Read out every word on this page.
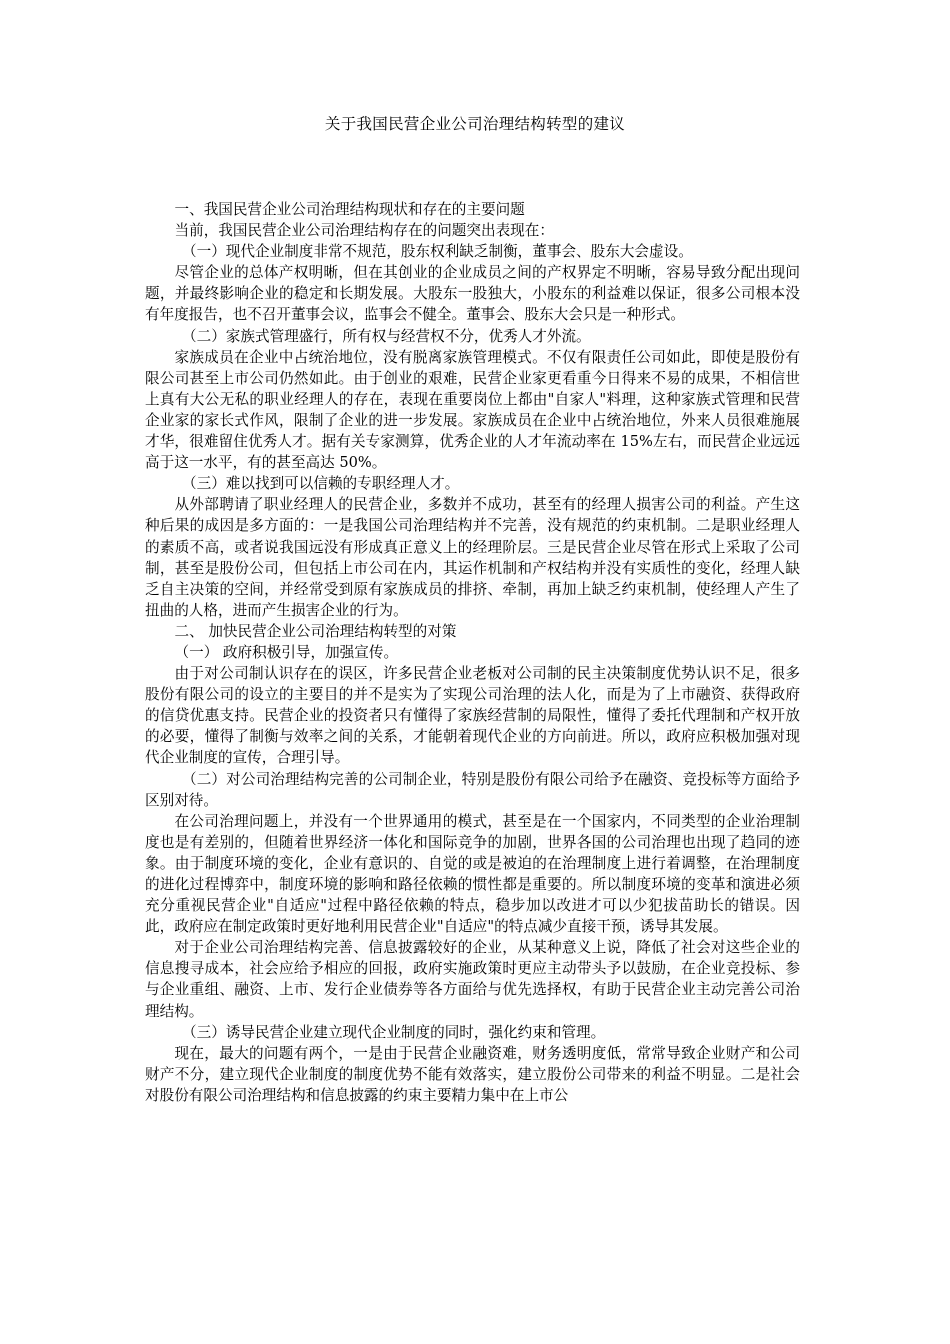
关于我国民营企业公司治理结构转型的建议

一、我国民营企业公司治理结构现状和存在的主要问题

当前，我国民营企业公司治理结构存在的问题突出表现在：

（一）现代企业制度非常不规范，股东权利缺乏制衡，董事会、股东大会虚设。

尽管企业的总体产权明晰，但在其创业的企业成员之间的产权界定不明晰，容易导致分配出现问题，并最终影响企业的稳定和长期发展。大股东一股独大，小股东的利益难以保证，很多公司根本没有年度报告，也不召开董事会议，监事会不健全。董事会、股东大会只是一种形式。

（二）家族式管理盛行，所有权与经营权不分，优秀人才外流。

家族成员在企业中占统治地位，没有脱离家族管理模式。不仅有限责任公司如此，即使是股份有限公司甚至上市公司仍然如此。由于创业的艰难，民营企业家更看重今日得来不易的成果，不相信世上真有大公无私的职业经理人的存在，表现在重要岗位上都由"自家人"料理，这种家族式管理和民营企业家的家长式作风，限制了企业的进一步发展。家族成员在企业中占统治地位，外来人员很难施展才华，很难留住优秀人才。据有关专家测算，优秀企业的人才年流动率在 15%左右，而民营企业远远高于这一水平，有的甚至高达 50%。

（三）难以找到可以信赖的专职经理人才。

从外部聘请了职业经理人的民营企业，多数并不成功，甚至有的经理人损害公司的利益。产生这种后果的成因是多方面的：一是我国公司治理结构并不完善，没有规范的约束机制。二是职业经理人的素质不高，或者说我国远没有形成真正意义上的经理阶层。三是民营企业尽管在形式上采取了公司制，甚至是股份公司，但包括上市公司在内，其运作机制和产权结构并没有实质性的变化，经理人缺乏自主决策的空间，并经常受到原有家族成员的排挤、牵制，再加上缺乏约束机制，使经理人产生了扭曲的人格，进而产生损害企业的行为。

二、 加快民营企业公司治理结构转型的对策

（一） 政府积极引导，加强宣传。

由于对公司制认识存在的误区，许多民营企业老板对公司制的民主决策制度优势认识不足，很多股份有限公司的设立的主要目的并不是实为了实现公司治理的法人化，而是为了上市融资、获得政府的信贷优惠支持。民营企业的投资者只有懂得了家族经营制的局限性，懂得了委托代理制和产权开放的必要，懂得了制衡与效率之间的关系，才能朝着现代企业的方向前进。所以，政府应积极加强对现代企业制度的宣传，合理引导。

（二）对公司治理结构完善的公司制企业，特别是股份有限公司给予在融资、竞投标等方面给予区别对待。

在公司治理问题上，并没有一个世界通用的模式，甚至是在一个国家内，不同类型的企业治理制度也是有差别的，但随着世界经济一体化和国际竞争的加剧，世界各国的公司治理也出现了趋同的迹象。由于制度环境的变化，企业有意识的、自觉的或是被迫的在治理制度上进行着调整，在治理制度的进化过程博弈中，制度环境的影响和路径依赖的惯性都是重要的。所以制度环境的变革和演进必须充分重视民营企业"自适应"过程中路径依赖的特点，稳步加以改进才可以少犯拔苗助长的错误。因此，政府应在制定政策时更好地利用民营企业"自适应"的特点减少直接干预，诱导其发展。

对于企业公司治理结构完善、信息披露较好的企业，从某种意义上说，降低了社会对这些企业的信息搜寻成本，社会应给予相应的回报，政府实施政策时更应主动带头予以鼓励，在企业竞投标、参与企业重组、融资、上市、发行企业债券等各方面给与优先选择权，有助于民营企业主动完善公司治理结构。

（三）诱导民营企业建立现代企业制度的同时，强化约束和管理。

现在，最大的问题有两个，一是由于民营企业融资难，财务透明度低，常常导致企业财产和公司财产不分，建立现代企业制度的制度优势不能有效落实，建立股份公司带来的利益不明显。二是社会对股份有限公司治理结构和信息披露的约束主要精力集中在上市公
